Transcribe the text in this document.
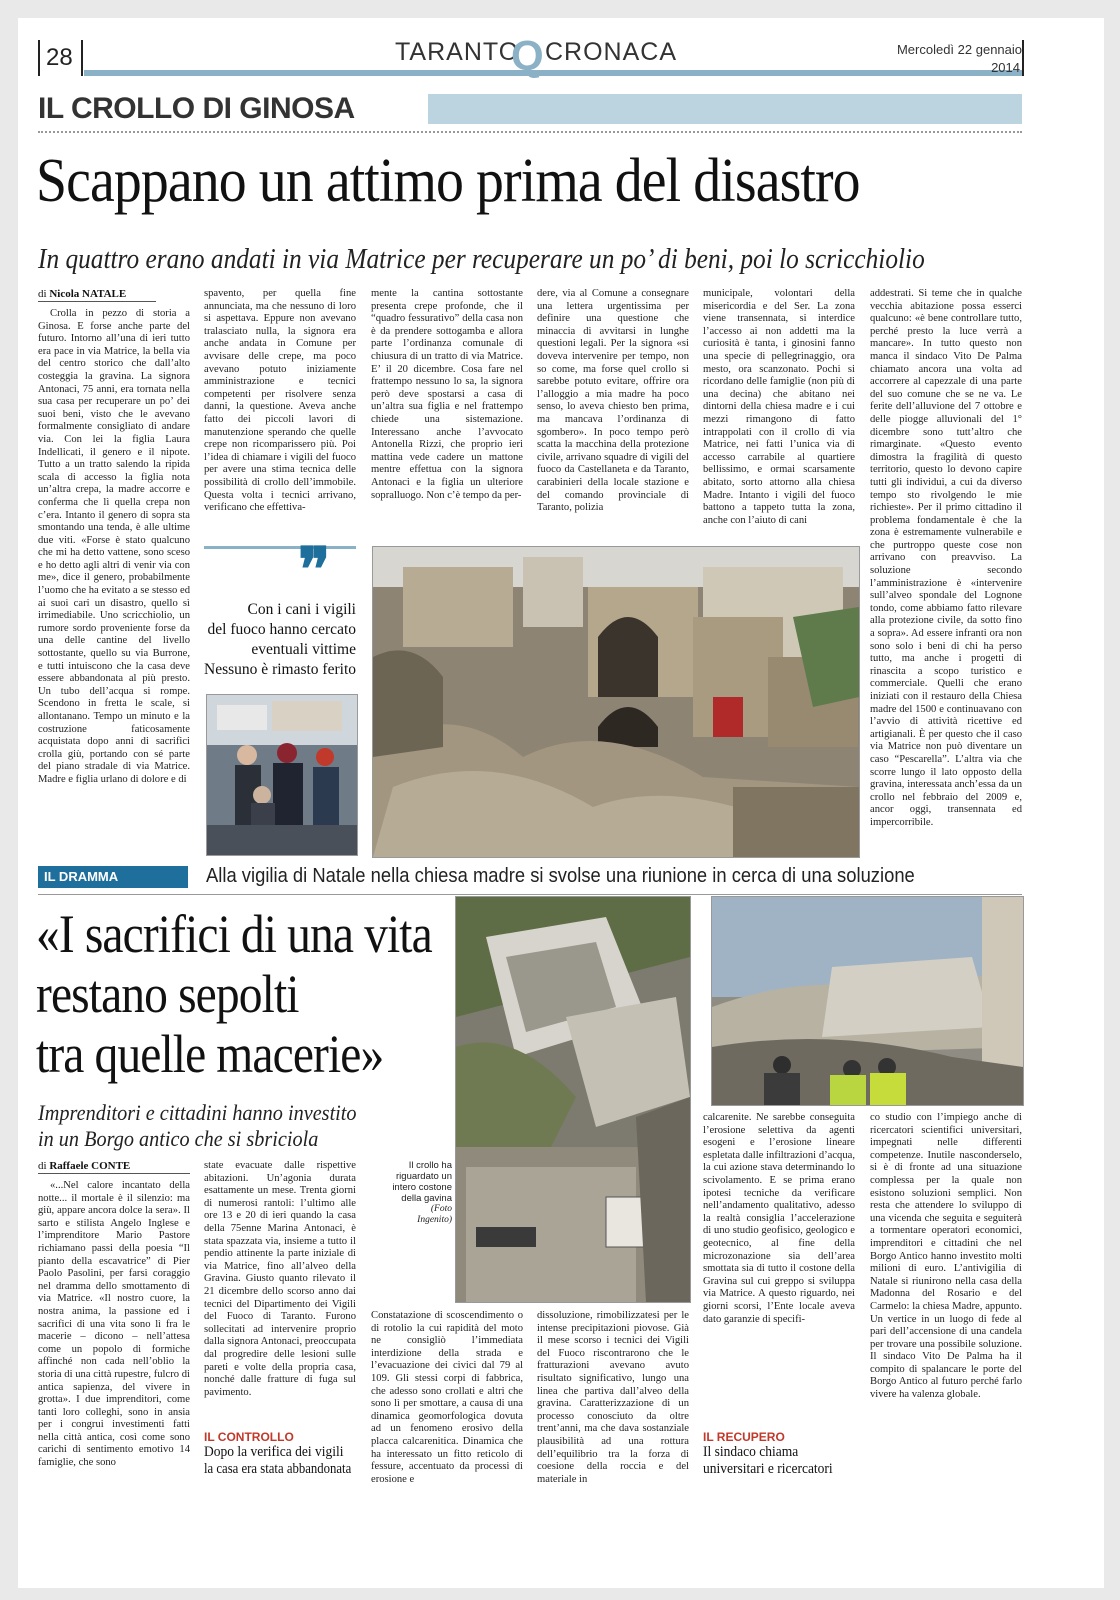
28	TARANTO
Q CRONACA	Mercoledì 22 gennaio
2014
IL CROLLO DI GINOSA
Scappano un attimo prima del disastro
In quattro erano andati in via Matrice per recuperare un po’ di beni, poi lo scricchiolio
di Nicola NATALE

Crolla in pezzo di storia a Ginosa. E forse anche parte del futuro. Intorno all’una di ieri tutto era pace in via Matrice, la bella via del centro storico che dall’alto costeggia la gravina. La signora Antonaci, 75 anni, era tornata nella sua casa per recuperare un po’ dei suoi beni, visto che le avevano formalmente consigliato di andare via. Con lei la figlia Laura Indellicati, il genero e il nipote. Tutto a un tratto salendo la ripida scala di accesso la figlia nota un’altra crepa, la madre accorre e conferma che lì quella crepa non c’era. Intanto il genero di sopra sta smontando una tenda, è alle ultime due viti. «Forse è stato qualcuno che mi ha detto vattene, sono sceso e ho detto agli altri di venir via con me», dice il genero, probabilmente l’uomo che ha evitato a se stesso ed ai suoi cari un disastro, quello sì irrimediabile. Uno scricchiolio, un rumore sordo proveniente forse da una delle cantine del livello sottostante, quello su via Burrone, e tutti intuiscono che la casa deve essere abbandonata al più presto. Un tubo dell’acqua si rompe. Scendono in fretta le scale, si allontanano. Tempo un minuto e la costruzione faticosamente acquistata dopo anni di sacrifici crolla giù, portando con sé parte del piano stradale di via Matrice. Madre e figlia urlano di dolore e di

spavento, per quella fine annunciata, ma che nessuno di loro si aspettava. Eppure non avevano tralasciato nulla, la signora era anche andata in Comune per avvisare delle crepe, ma poco avevano potuto iniziamente amministrazione e tecnici competenti per risolvere senza danni, la questione. Aveva anche fatto dei piccoli lavori di manutenzione sperando che quelle crepe non ricomparissero più. Poi l’idea di chiamare i vigili del fuoco per avere una stima tecnica delle possibilità di crollo dell’immobile. Questa volta i tecnici arrivano, verificano che effettiva-

mente la cantina sottostante presenta crepe profonde, che il “quadro fessurativo” della casa non è da prendere sottogamba e allora parte l’ordinanza comunale di chiusura di un tratto di via Matrice. E’ il 20 dicembre. Cosa fare nel frattempo nessuno lo sa, la signora però deve spostarsi a casa di un’altra sua figlia e nel frattempo chiede una sistemazione. Interessano anche l’avvocato Antonella Rizzi, che proprio ieri mattina vede cadere un mattone mentre effettua con la signora Antonaci e la figlia un ulteriore sopralluogo. Non c’è tempo da per-

dere, via al Comune a consegnare una lettera urgentissima per definire una questione che minaccia di avvitarsi in lunghe questioni legali. Per la signora «si doveva intervenire per tempo, non so come, ma forse quel crollo si sarebbe potuto evitare, offrire ora l’alloggio a mia madre ha poco senso, lo aveva chiesto ben prima, ma mancava l’ordinanza di sgombero». In poco tempo però scatta la macchina della protezione civile, arrivano squadre di vigili del fuoco da Castellaneta e da Taranto, carabinieri della locale stazione e del comando provinciale di Taranto, polizia

municipale, volontari della misericordia e del Ser. La zona viene transennata, si interdice l’accesso ai non addetti ma la curiosità è tanta, i ginosini fanno una specie di pellegrinaggio, ora mesto, ora scanzonato. Pochi si ricordano delle famiglie (non più di una decina) che abitano nei dintorni della chiesa madre e i cui mezzi rimangono di fatto intrappolati con il crollo di via Matrice, nei fatti l’unica via di accesso carrabile al quartiere bellissimo, e ormai scarsamente abitato, sorto attorno alla chiesa Madre. Intanto i vigili del fuoco battono a tappeto tutta la zona, anche con l’aiuto di cani

addestrati. Si teme che in qualche vecchia abitazione possa esserci qualcuno: «è bene controllare tutto, perché presto la luce verrà a mancare». In tutto questo non manca il sindaco Vito De Palma chiamato ancora una volta ad accorrere al capezzale di una parte del suo comune che se ne va. Le ferite dell’alluvione del 7 ottobre e delle piogge alluvionali del 1° dicembre sono tutt’altro che rimarginate. «Questo evento dimostra la fragilità di questo territorio, questo lo devono capire tutti gli individui, a cui da diverso tempo sto rivolgendo le mie richieste». Per il primo cittadino il problema fondamentale è che la zona è estremamente vulnerabile e che purtroppo queste cose non arrivano con preavviso. La soluzione secondo l’amministrazione è «intervenire sull’alveo spondale del Lognone tondo, come abbiamo fatto rilevare alla protezione civile, da sotto fino a sopra». Ad essere infranti ora non sono solo i beni di chi ha perso tutto, ma anche i progetti di rinascita a scopo turistico e commerciale. Quelli che erano iniziati con il restauro della Chiesa madre del 1500 e continuavano con l’avvio di attività ricettive ed artigianali. È per questo che il caso via Matrice non può diventare un caso “Pescarella”. L’altra via che scorre lungo il lato opposto della gravina, interessata anch’essa da un crollo nel febbraio del 2009 e, ancor oggi, transennata ed impercorribile.

❞
Con i cani i vigili
del fuoco hanno cercato
eventuali vittime
Nessuno è rimasto ferito
IL DRAMMA	Alla vigilia di Natale nella chiesa madre si svolse una riunione in cerca di una soluzione
«I sacrifici di una vita
restano sepolti
tra quelle macerie»
Imprenditori e cittadini hanno investito
in un Borgo antico che si sbriciola
di Raffaele CONTE

«...Nel calore incantato della notte... il mortale è il silenzio: ma giù, appare ancora dolce la sera». Il sarto e stilista Angelo Inglese e l’imprenditore Mario Pastore richiamano passi della poesia “Il pianto della escavatrice” di Pier Paolo Pasolini, per farsi coraggio nel dramma dello smottamento di via Matrice. «Il nostro cuore, la nostra anima, la passione ed i sacrifici di una vita sono lì fra le macerie – dicono – nell’attesa come un popolo di formiche affinché non cada nell’oblio la storia di una città rupestre, fulcro di antica sapienza, del vivere in grotta». I due imprenditori, come tanti loro colleghi, sono in ansia per i congrui investimenti fatti nella città antica, così come sono carichi di sentimento emotivo 14 famiglie, che sono

state evacuate dalle rispettive abitazioni. Un’agonia durata esattamente un mese. Trenta giorni di numerosi rantoli: l’ultimo alle ore 13 e 20 di ieri quando la casa della 75enne Marina Antonaci, è stata spazzata via, insieme a tutto il pendio attinente la parte iniziale di via Matrice, fino all’alveo della Gravina. Giusto quanto rilevato il 21 dicembre dello scorso anno dai tecnici del Dipartimento dei Vigili del Fuoco di Taranto. Furono sollecitati ad intervenire proprio dalla signora Antonaci, preoccupata dal progredire delle lesioni sulle pareti e volte della propria casa, nonché dalle fratture di fuga sul pavimento.

Il crollo ha
riguardato un
intero costone
della gavina
(Foto
Ingenito)

Constatazione di scoscendimento o di rotolio la cui rapidità del moto ne consigliò l’immediata interdizione della strada e l’evacuazione dei civici dal 79 al 109. Gli stessi corpi di fabbrica, che adesso sono crollati e altri che sono lì per smottare, a causa di una dinamica geomorfologica dovuta ad un fenomeno erosivo della placca calcarenitica. Dinamica che ha interessato un fitto reticolo di fessure, accentuato da processi di erosione e

dissoluzione, rimobilizzatesi per le intense precipitazioni piovose. Già il mese scorso i tecnici dei Vigili del Fuoco riscontrarono che le fratturazioni avevano avuto risultato significativo, lungo una linea che partiva dall’alveo della gravina. Caratterizzazione di un processo conosciuto da oltre trent’anni, ma che dava sostanziale plausibilità ad una rottura dell’equilibrio tra la forza di coesione della roccia e del materiale in

calcarenite. Ne sarebbe conseguita l’erosione selettiva da agenti esogeni e l’erosione lineare espletata dalle infiltrazioni d’acqua, la cui azione stava determinando lo scivolamento. E se prima erano ipotesi tecniche da verificare nell’andamento qualitativo, adesso la realtà consiglia l’accelerazione di uno studio geofisico, geologico e geotecnico, al fine della microzonazione sia dell’area smottata sia di tutto il costone della Gravina sul cui greppo si sviluppa via Matrice. A questo riguardo, nei giorni scorsi, l’Ente locale aveva dato garanzie di specifi-

co studio con l’impiego anche di ricercatori scientifici universitari, impegnati nelle differenti competenze. Inutile nasconderselo, si è di fronte ad una situazione complessa per la quale non esistono soluzioni semplici. Non resta che attendere lo sviluppo di una vicenda che seguita e seguiterà a tormentare operatori economici, imprenditori e cittadini che nel Borgo Antico hanno investito molti milioni di euro. L’antivigilia di Natale si riunirono nella casa della Madonna del Rosario e del Carmelo: la chiesa Madre, appunto. Un vertice in un luogo di fede al pari dell’accensione di una candela per trovare una possibile soluzione. Il sindaco Vito De Palma ha il compito di spalancare le porte del Borgo Antico al futuro perché farlo vivere ha valenza globale.

IL CONTROLLO
Dopo la verifica dei vigili
la casa era stata abbandonata
IL RECUPERO
Il sindaco chiama
universitari e ricercatori
